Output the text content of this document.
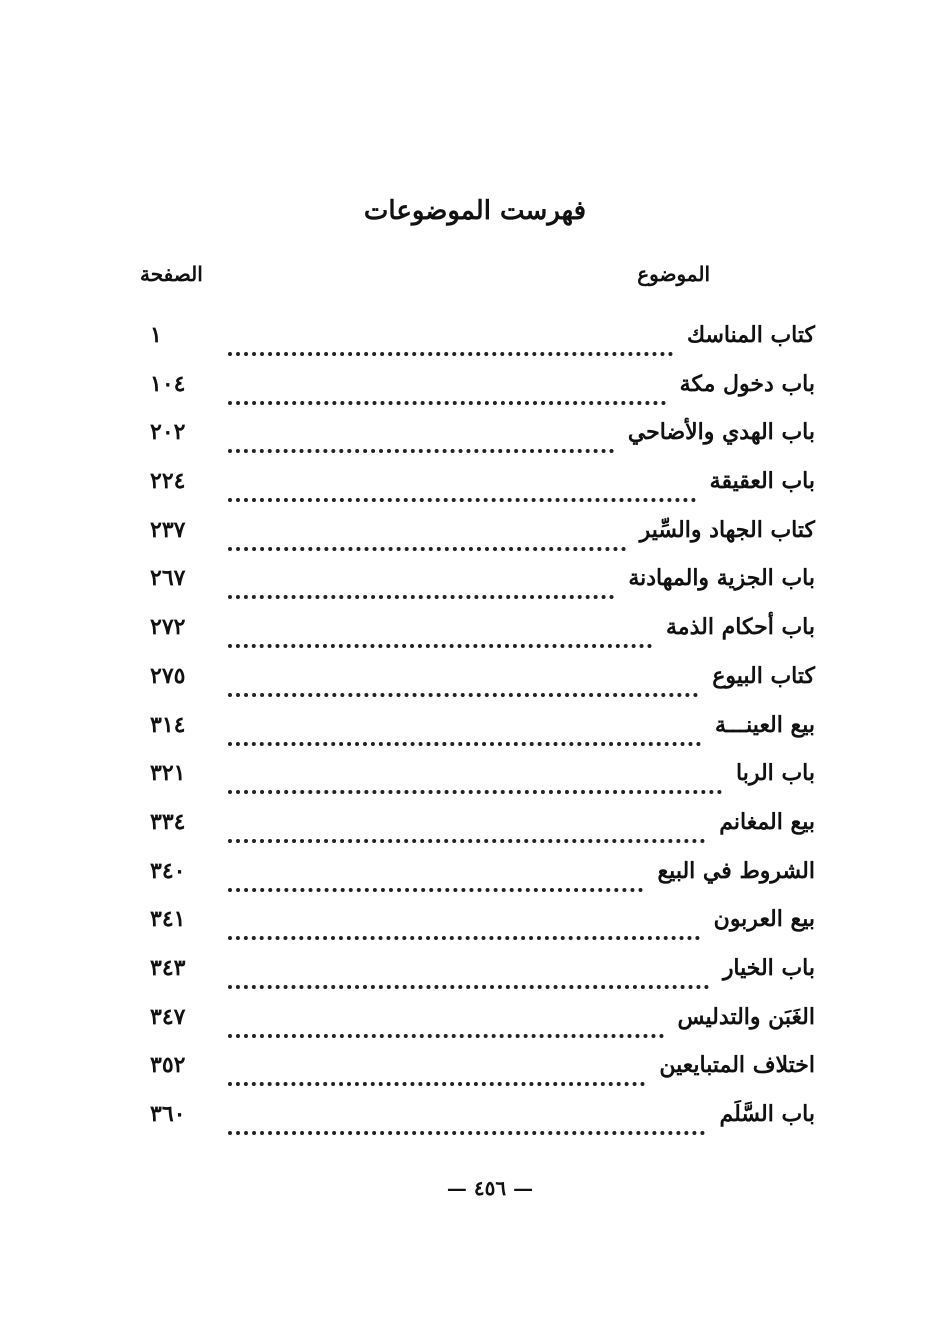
فهرست الموضوعات
الموضوع
الصفحة
كتاب المناسك
١
باب دخول مكة
١٠٤
باب الهدي والأضاحي
٢٠٢
باب العقيقة
٢٢٤
كتاب الجهاد والسِّير
٢٣٧
باب الجزية والمهادنة
٢٦٧
باب أحكام الذمة
٢٧٢
كتاب البيوع
٢٧٥
بيع العينـــة
٣١٤
باب الربا
٣٢١
بيع المغانم
٣٣٤
الشروط في البيع
٣٤٠
بيع العربون
٣٤١
باب الخيار
٣٤٣
الغَبَن والتدليس
٣٤٧
اختلاف المتبايعين
٣٥٢
باب السَّلَم
٣٦٠
— ٤٥٦ —
